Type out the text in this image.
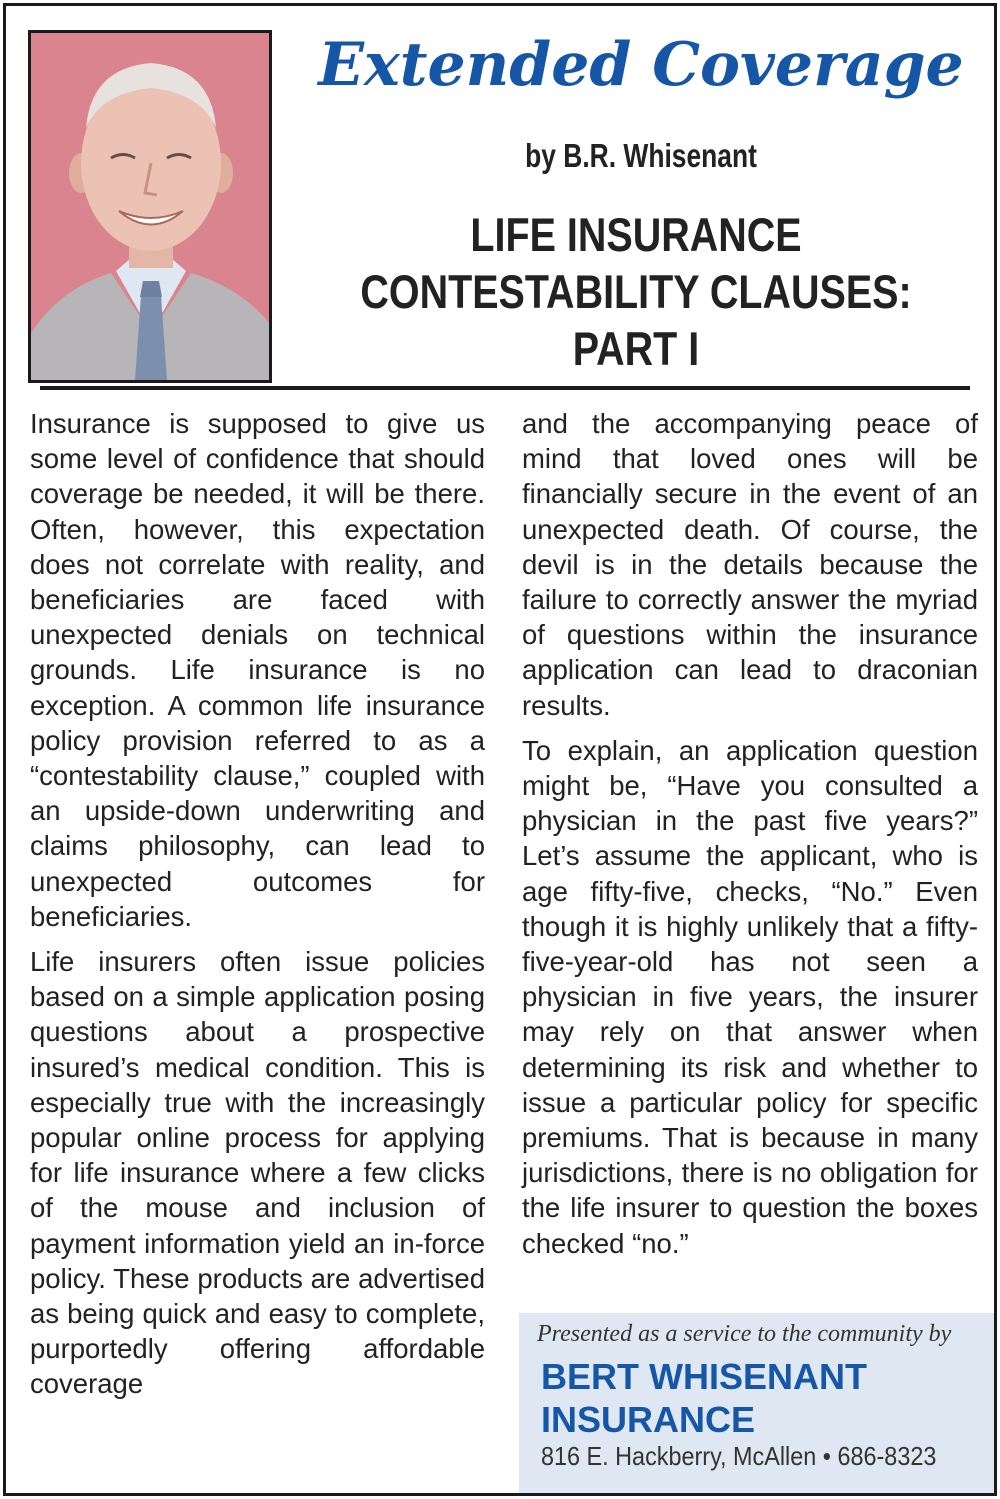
Extended Coverage
by B.R. Whisenant
LIFE INSURANCE
CONTESTABILITY CLAUSES:
PART I

Insurance is supposed to give us some level of confidence that should coverage be needed, it will be there. Often, however, this expectation does not correlate with reality, and beneficiaries are faced with unexpected denials on technical grounds. Life insurance is no exception. A common life insurance policy provision referred to as a “contestability clause,” coupled with an upside-down underwriting and claims philosophy, can lead to unexpected outcomes for beneficiaries.

Life insurers often issue policies based on a simple application posing questions about a prospective insured’s medical condition. This is especially true with the increasingly popular online process for applying for life insurance where a few clicks of the mouse and inclusion of payment information yield an in-force policy. These products are advertised as being quick and easy to complete, purportedly offering affordable coverage

and the accompanying peace of mind that loved ones will be financially secure in the event of an unexpected death. Of course, the devil is in the details because the failure to correctly answer the myriad of questions within the insurance application can lead to draconian results.

To explain, an application question might be, “Have you consulted a physician in the past five years?” Let’s assume the applicant, who is age fifty-five, checks, “No.” Even though it is highly unlikely that a fifty-five-year-old has not seen a physician in five years, the insurer may rely on that answer when determining its risk and whether to issue a particular policy for specific premiums. That is because in many jurisdictions, there is no obligation for the life insurer to question the boxes checked “no.”

Presented as a service to the community by
BERT WHISENANT
INSURANCE
816 E. Hackberry, McAllen • 686-8323
